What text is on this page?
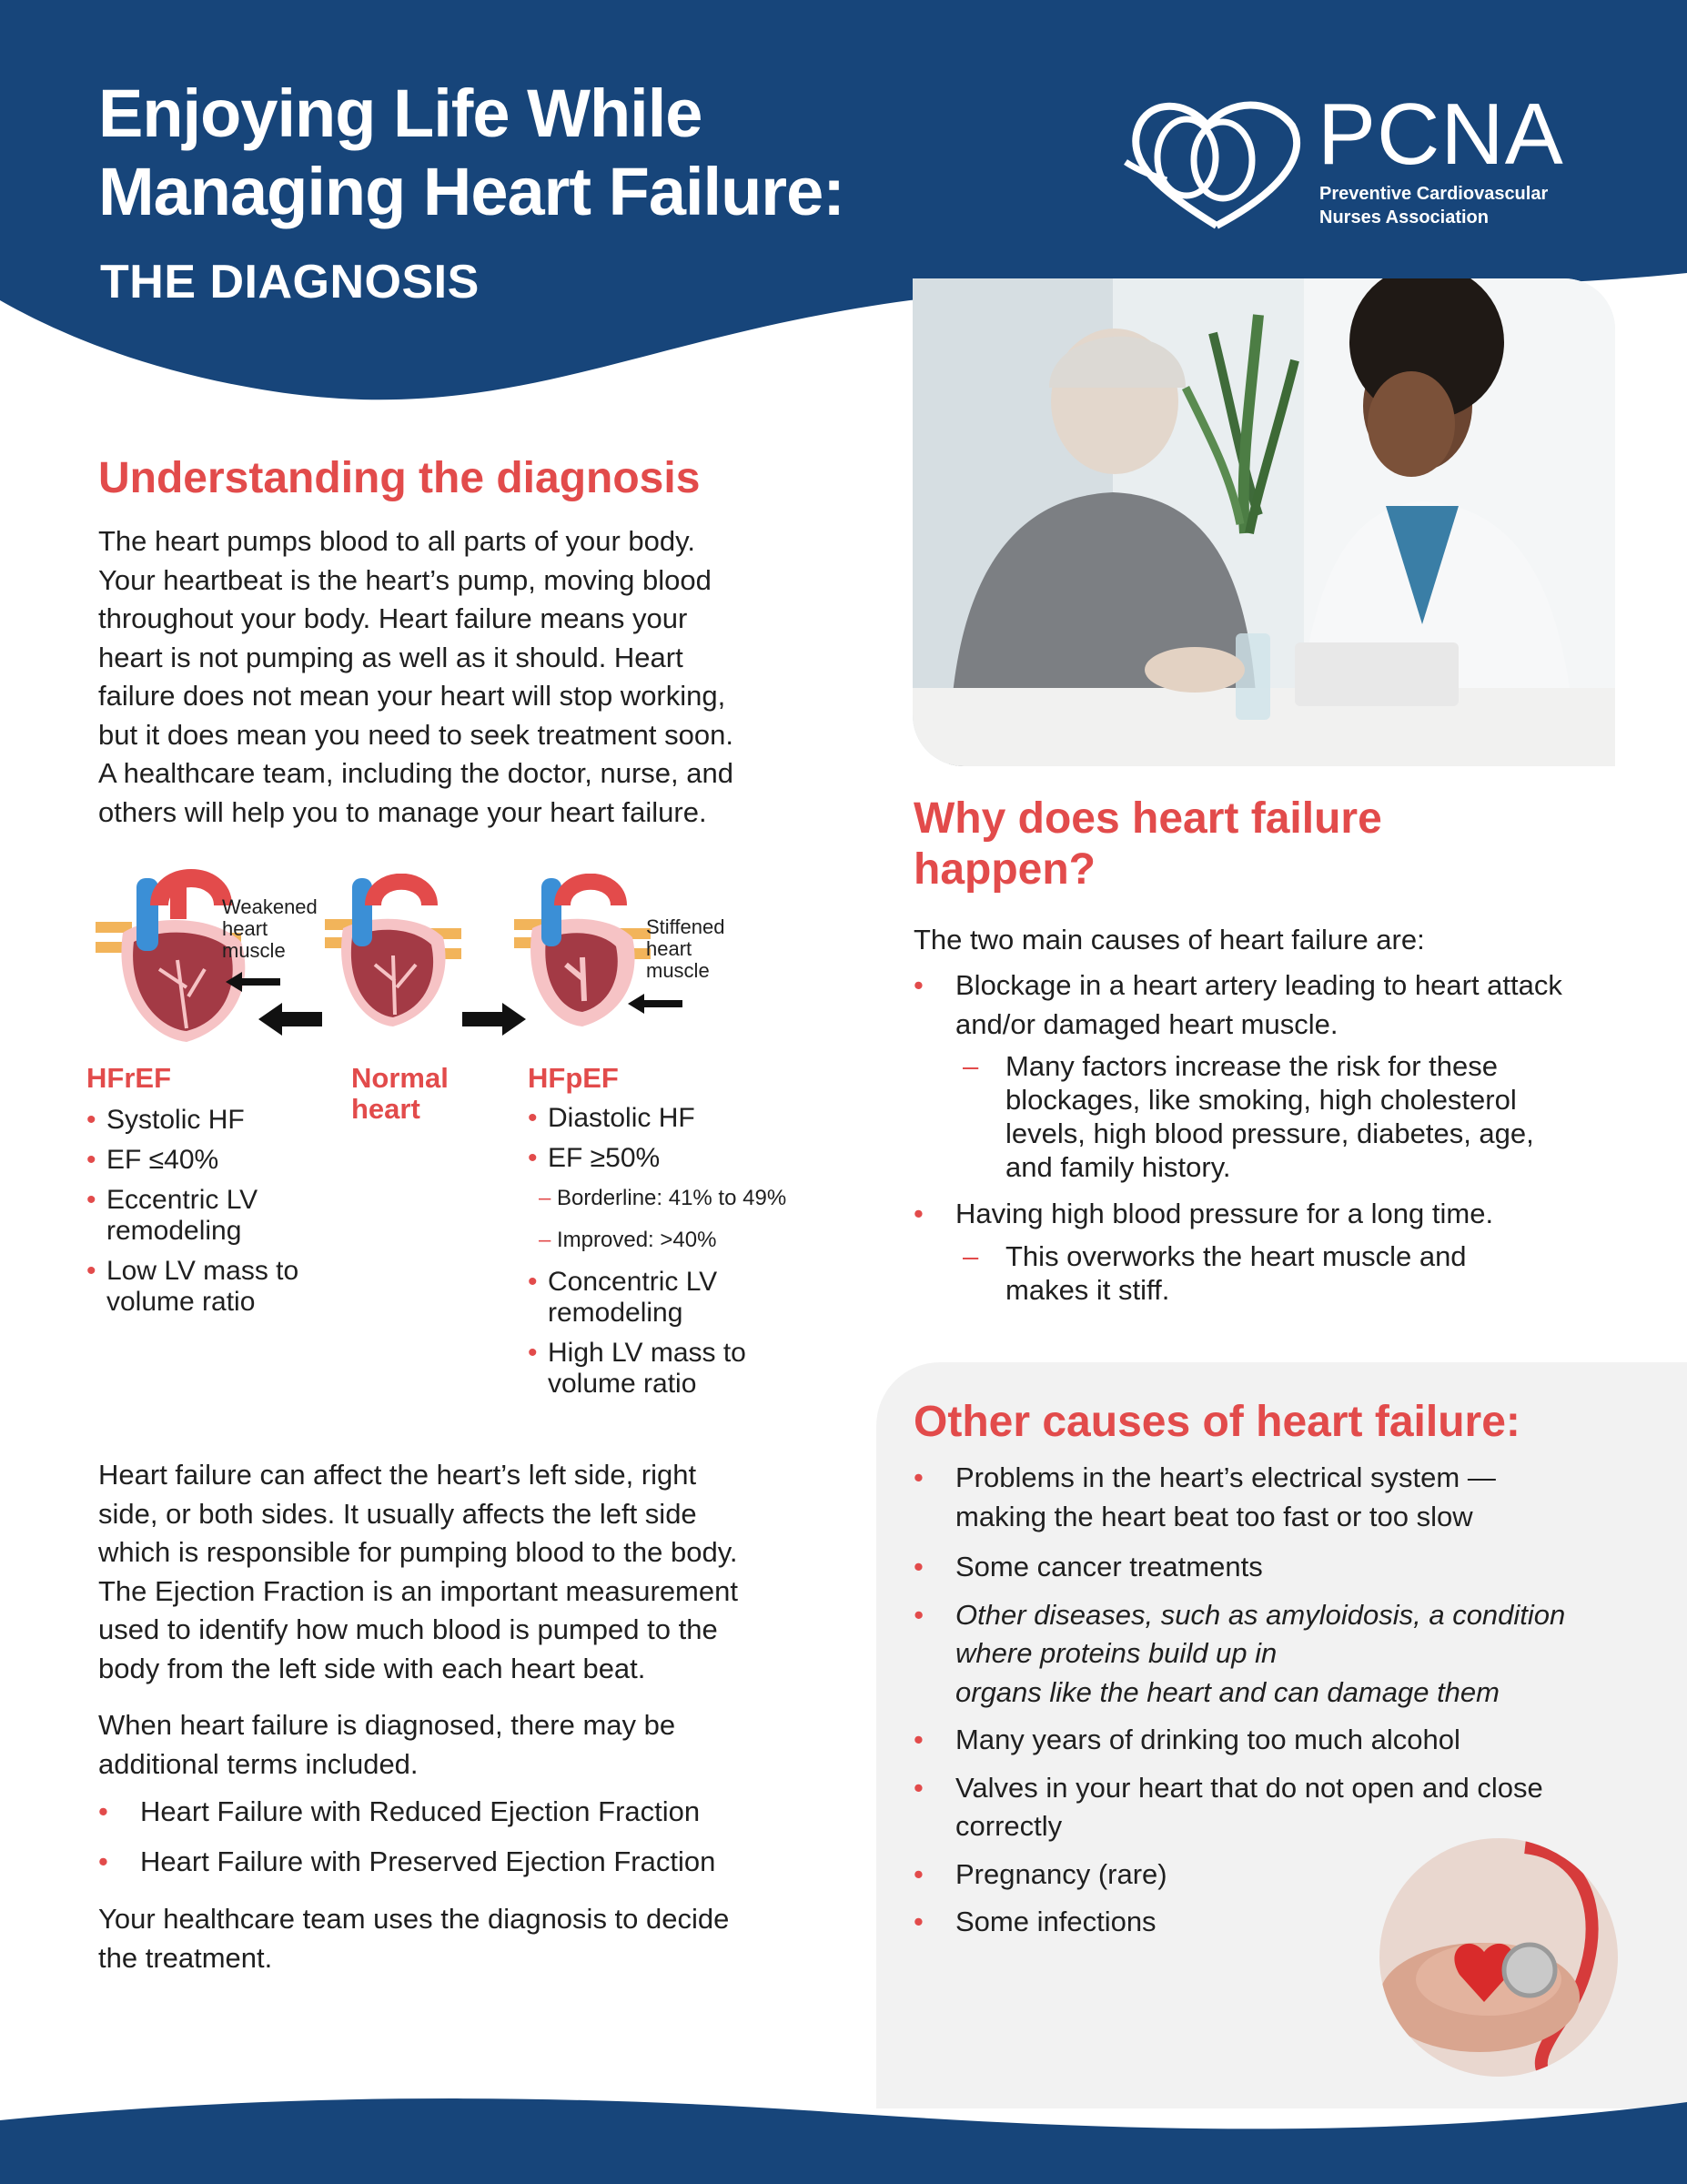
Enjoying Life While
Managing Heart Failure:
THE DIAGNOSIS
PCNA
Preventive Cardiovascular
Nurses Association
Understanding the diagnosis
The heart pumps blood to all parts of your body.
Your heartbeat is the heart’s pump, moving blood
throughout your body. Heart failure means your
heart is not pumping as well as it should. Heart
failure does not mean your heart will stop working,
but it does mean you need to seek treatment soon.
A healthcare team, including the doctor, nurse, and
others will help you to manage your heart failure.

Weakened

heart

muscle

Stiffened

heart

muscle

HFrEF

• Systolic HF
• EF ≤40%
• Eccentric LV
remodeling
• Low LV mass to
volume ratio

Normal

heart

HFpEF

• Diastolic HF
• EF ≥50%
– Borderline: 41% to 49%
– Improved: >40%
• Concentric LV
remodeling
• High LV mass to
volume ratio
Heart failure can affect the heart’s left side, right
side, or both sides. It usually affects the left side
which is responsible for pumping blood to the body.
The Ejection Fraction is an important measurement
used to identify how much blood is pumped to the
body from the left side with each heart beat.
When heart failure is diagnosed, there may be
additional terms included.
• Heart Failure with Reduced Ejection Fraction
• Heart Failure with Preserved Ejection Fraction
Your healthcare team uses the diagnosis to decide
the treatment.
Why does heart failure
happen?

The two main causes of heart failure are:

• Blockage in a heart artery leading to heart attack
and/or damaged heart muscle.
– Many factors increase the risk for these
blockages, like smoking, high cholesterol
levels, high blood pressure, diabetes, age,
and family history.
• Having high blood pressure for a long time.
– This overworks the heart muscle and
makes it stiff.
Other causes of heart failure:
• Problems in the heart’s electrical system —
making the heart beat too fast or too slow
• Some cancer treatments
• Other diseases, such as amyloidosis, a condition
where proteins build up in
organs like the heart and can damage them
• Many years of drinking too much alcohol
• Valves in your heart that do not open and close
correctly
• Pregnancy (rare)
• Some infections
